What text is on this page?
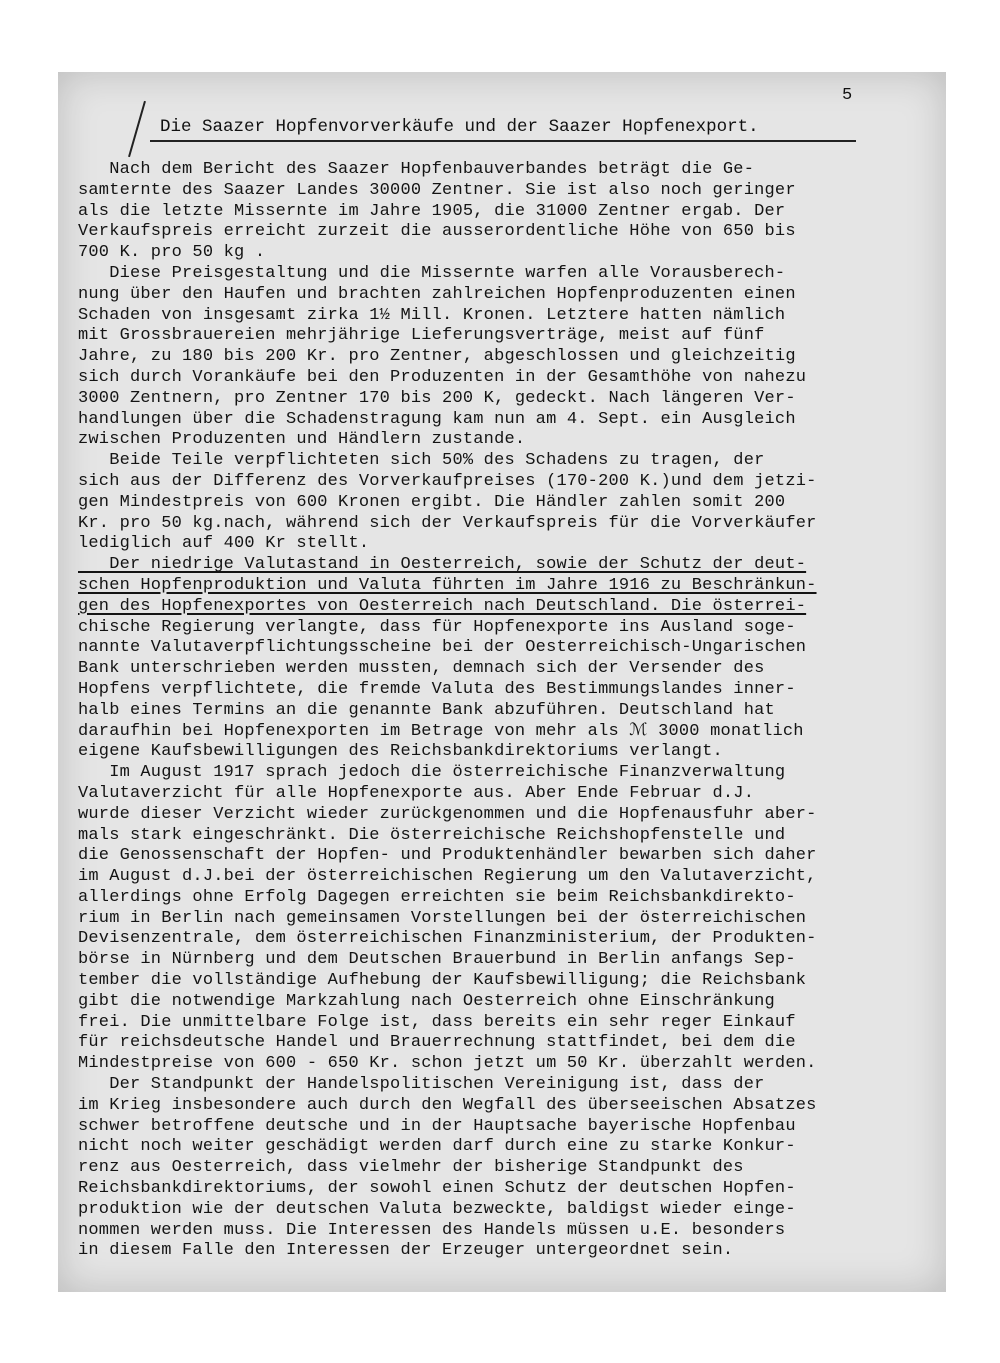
5
Die Saazer Hopfenvorverkäufe und der Saazer Hopfenexport.
Nach dem Bericht des Saazer Hopfenbauverbandes beträgt die Ge-
samternte des Saazer Landes 30000 Zentner. Sie ist also noch geringer
als die letzte Missernte im Jahre 1905, die 31000 Zentner ergab. Der
Verkaufspreis erreicht zurzeit die ausserordentliche Höhe von 650 bis
700 K. pro 50 kg .
Diese Preisgestaltung und die Missernte warfen alle Vorausberech-
nung über den Haufen und brachten zahlreichen Hopfenproduzenten einen
Schaden von insgesamt zirka 1½ Mill. Kronen. Letztere hatten nämlich
mit Grossbrauereien mehrjährige Lieferungsverträge, meist auf fünf
Jahre, zu 180 bis 200 Kr. pro Zentner, abgeschlossen und gleichzeitig
sich durch Vorankäufe bei den Produzenten in der Gesamthöhe von nahezu
3000 Zentnern, pro Zentner 170 bis 200 K, gedeckt. Nach längeren Ver-
handlungen über die Schadenstragung kam nun am 4. Sept. ein Ausgleich
zwischen Produzenten und Händlern zustande.
Beide Teile verpflichteten sich 50% des Schadens zu tragen, der
sich aus der Differenz des Vorverkaufpreises (170-200 K.)und dem jetzi-
gen Mindestpreis von 600 Kronen ergibt. Die Händler zahlen somit 200
Kr. pro 50 kg.nach, während sich der Verkaufspreis für die Vorverkäufer
lediglich auf 400 Kr stellt.
Der niedrige Valutastand in Oesterreich, sowie der Schutz der deut-
schen Hopfenproduktion und Valuta führten im Jahre 1916 zu Beschränkun-
gen des Hopfenexportes von Oesterreich nach Deutschland. Die österrei-
chische Regierung verlangte, dass für Hopfenexporte ins Ausland soge-
nannte Valutaverpflichtungsscheine bei der Oesterreichisch-Ungarischen
Bank unterschrieben werden mussten, demnach sich der Versender des
Hopfens verpflichtete, die fremde Valuta des Bestimmungslandes inner-
halb eines Termins an die genannte Bank abzuführen. Deutschland hat
daraufhin bei Hopfenexporten im Betrage von mehr als ℳ 3000 monatlich
eigene Kaufsbewilligungen des Reichsbankdirektoriums verlangt.
Im August 1917 sprach jedoch die österreichische Finanzverwaltung
Valutaverzicht für alle Hopfenexporte aus. Aber Ende Februar d.J.
wurde dieser Verzicht wieder zurückgenommen und die Hopfenausfuhr aber-
mals stark eingeschränkt. Die österreichische Reichshopfenstelle und
die Genossenschaft der Hopfen- und Produktenhändler bewarben sich daher
im August d.J.bei der österreichischen Regierung um den Valutaverzicht,
allerdings ohne Erfolg Dagegen erreichten sie beim Reichsbankdirekto-
rium in Berlin nach gemeinsamen Vorstellungen bei der österreichischen
Devisenzentrale, dem österreichischen Finanzministerium, der Produkten-
börse in Nürnberg und dem Deutschen Brauerbund in Berlin anfangs Sep-
tember die vollständige Aufhebung der Kaufsbewilligung; die Reichsbank
gibt die notwendige Markzahlung nach Oesterreich ohne Einschränkung
frei. Die unmittelbare Folge ist, dass bereits ein sehr reger Einkauf
für reichsdeutsche Handel und Brauerrechnung stattfindet, bei dem die
Mindestpreise von 600 - 650 Kr. schon jetzt um 50 Kr. überzahlt werden.
Der Standpunkt der Handelspolitischen Vereinigung ist, dass der
im Krieg insbesondere auch durch den Wegfall des überseeischen Absatzes
schwer betroffene deutsche und in der Hauptsache bayerische Hopfenbau
nicht noch weiter geschädigt werden darf durch eine zu starke Konkur-
renz aus Oesterreich, dass vielmehr der bisherige Standpunkt des
Reichsbankdirektoriums, der sowohl einen Schutz der deutschen Hopfen-
produktion wie der deutschen Valuta bezweckte, baldigst wieder einge-
nommen werden muss. Die Interessen des Handels müssen u.E. besonders
in diesem Falle den Interessen der Erzeuger untergeordnet sein.
